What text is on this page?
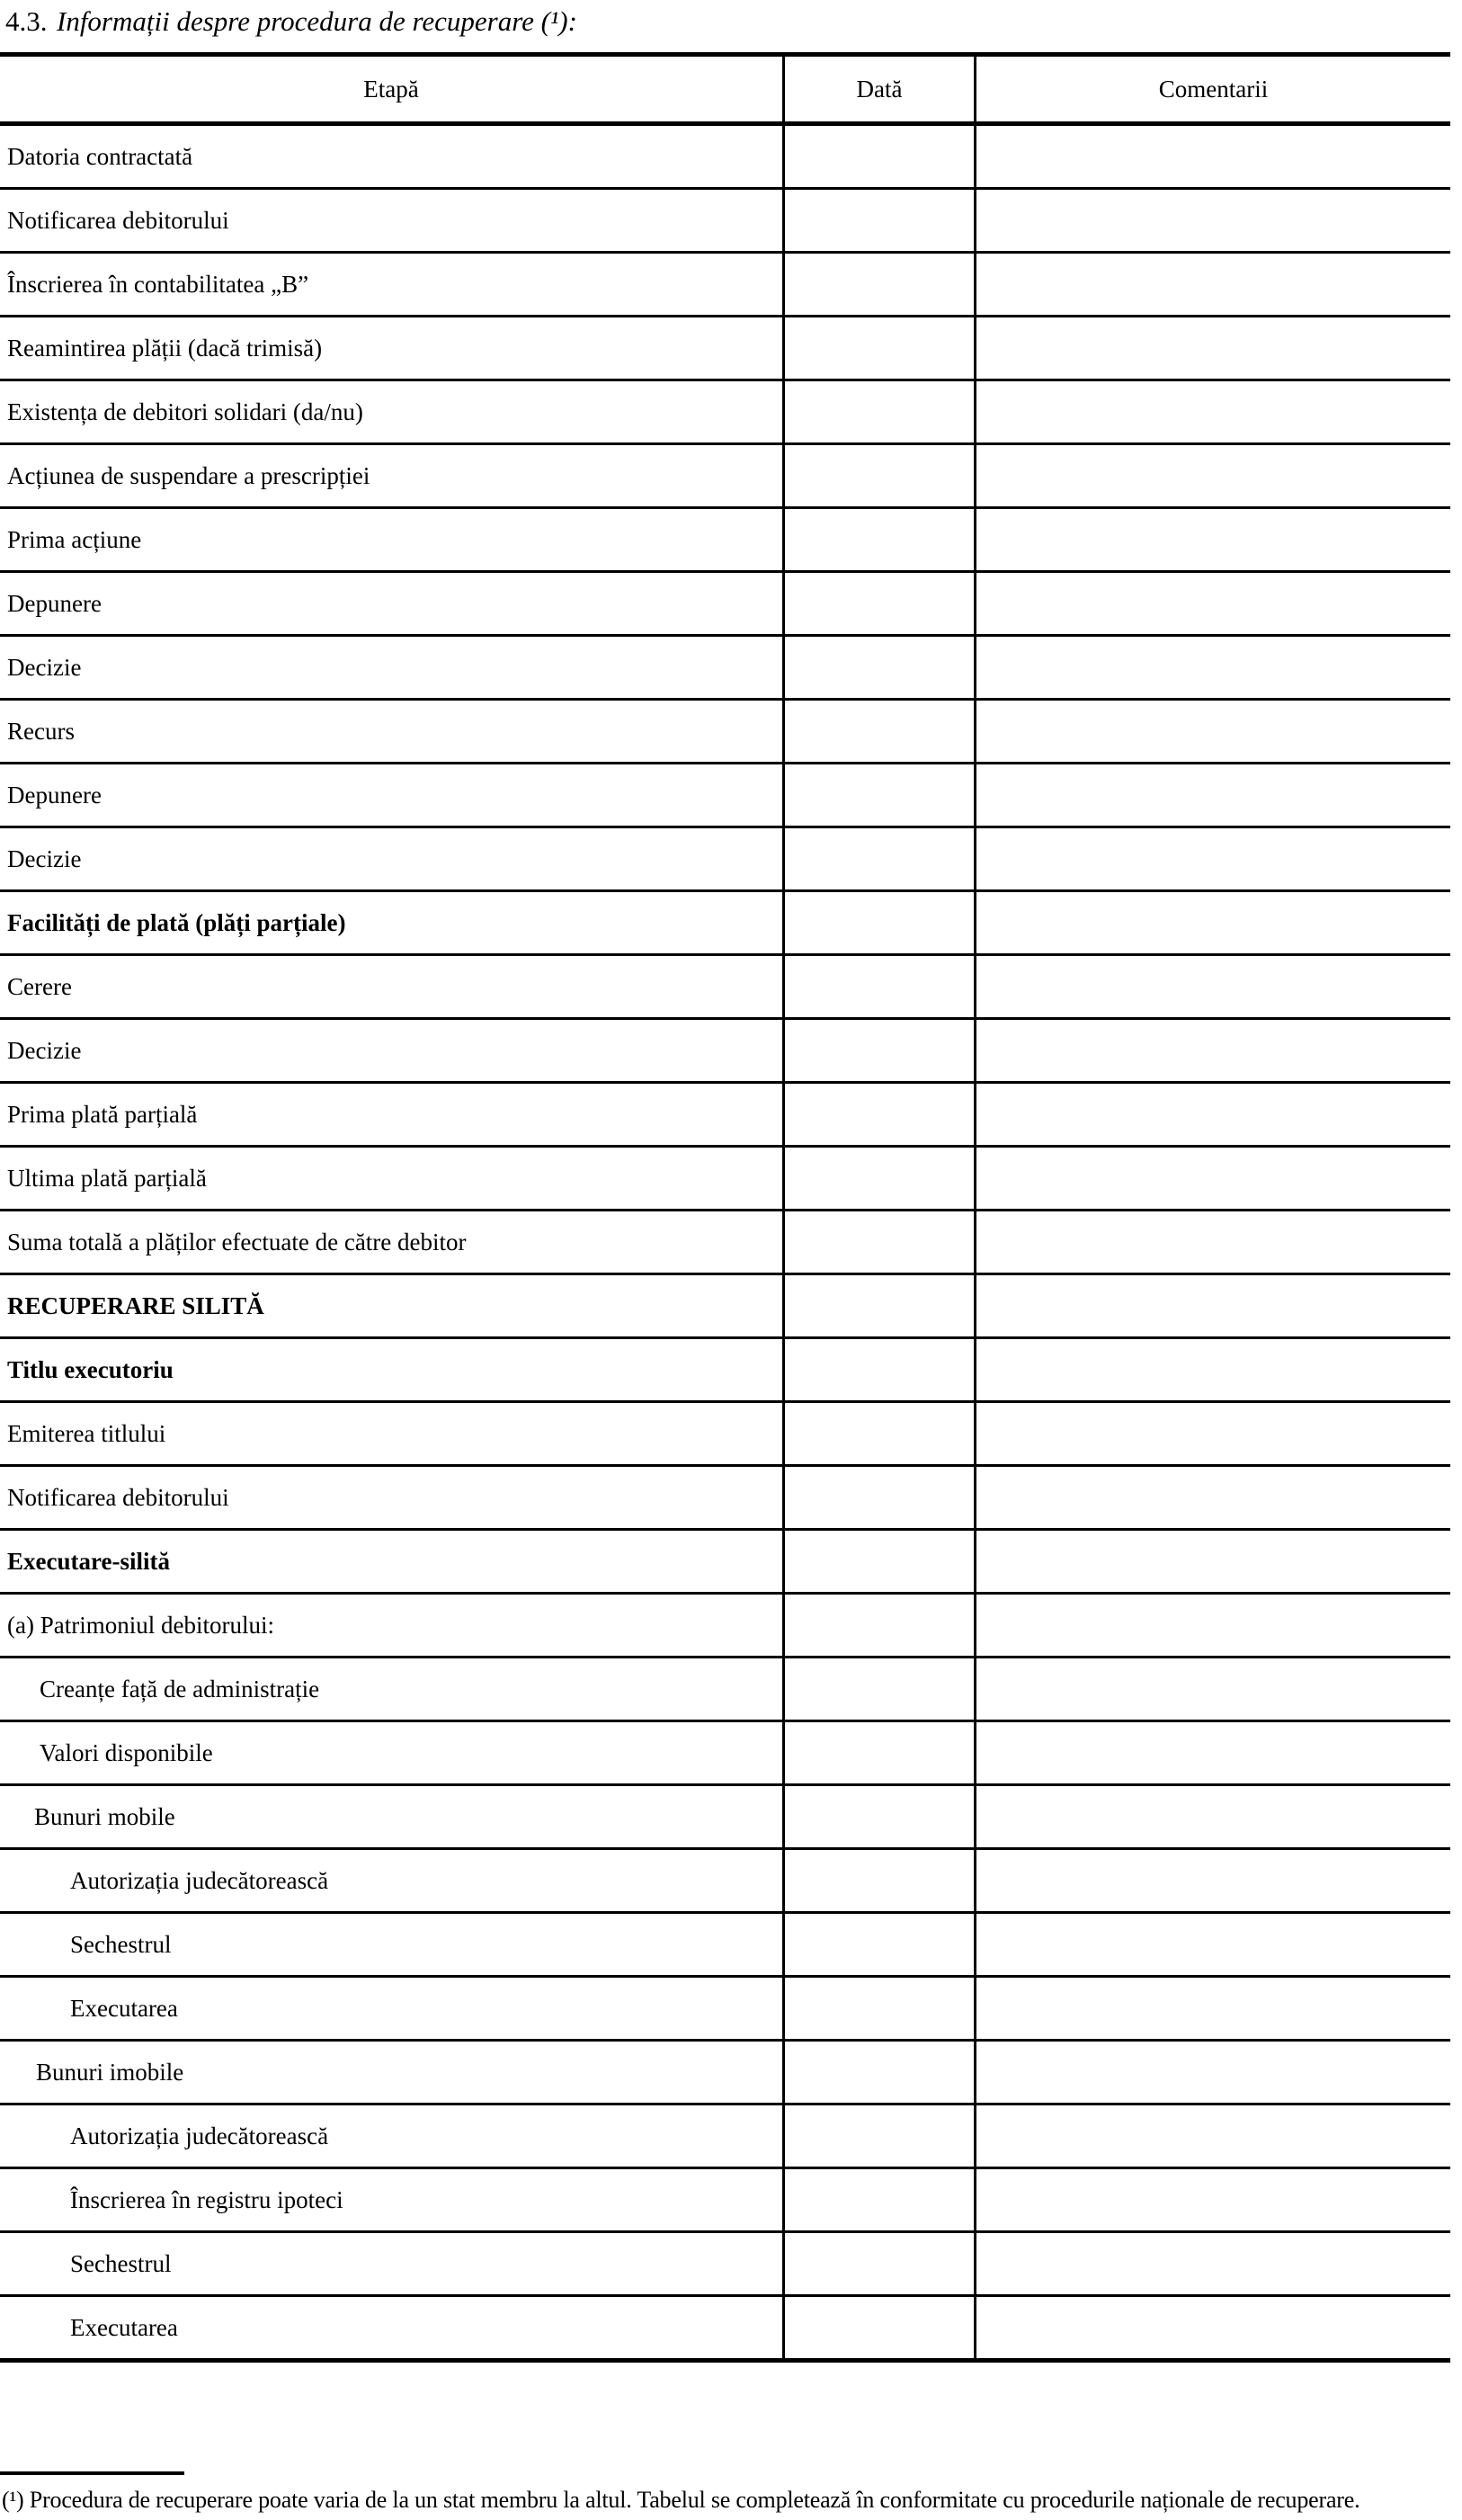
4.3. Informații despre procedura de recuperare (¹):
Etapă	Dată	Comentarii
Datoria contractată
Notificarea debitorului
Înscrierea în contabilitatea „B”
Reamintirea plății (dacă trimisă)
Existența de debitori solidari (da/nu)
Acțiunea de suspendare a prescripției
Prima acțiune
Depunere
Decizie
Recurs
Depunere
Decizie
Facilități de plată (plăți parțiale)
Cerere
Decizie
Prima plată parțială
Ultima plată parțială
Suma totală a plăților efectuate de către debitor
RECUPERARE SILITĂ
Titlu executoriu
Emiterea titlului
Notificarea debitorului
Executare-silită
(a) Patrimoniul debitorului:
Creanțe față de administrație
Valori disponibile
Bunuri mobile
Autorizația judecătorească
Sechestrul
Executarea
Bunuri imobile
Autorizația judecătorească
Înscrierea în registru ipoteci
Sechestrul
Executarea
(¹) Procedura de recuperare poate varia de la un stat membru la altul. Tabelul se completează în conformitate cu procedurile naționale de recuperare.
